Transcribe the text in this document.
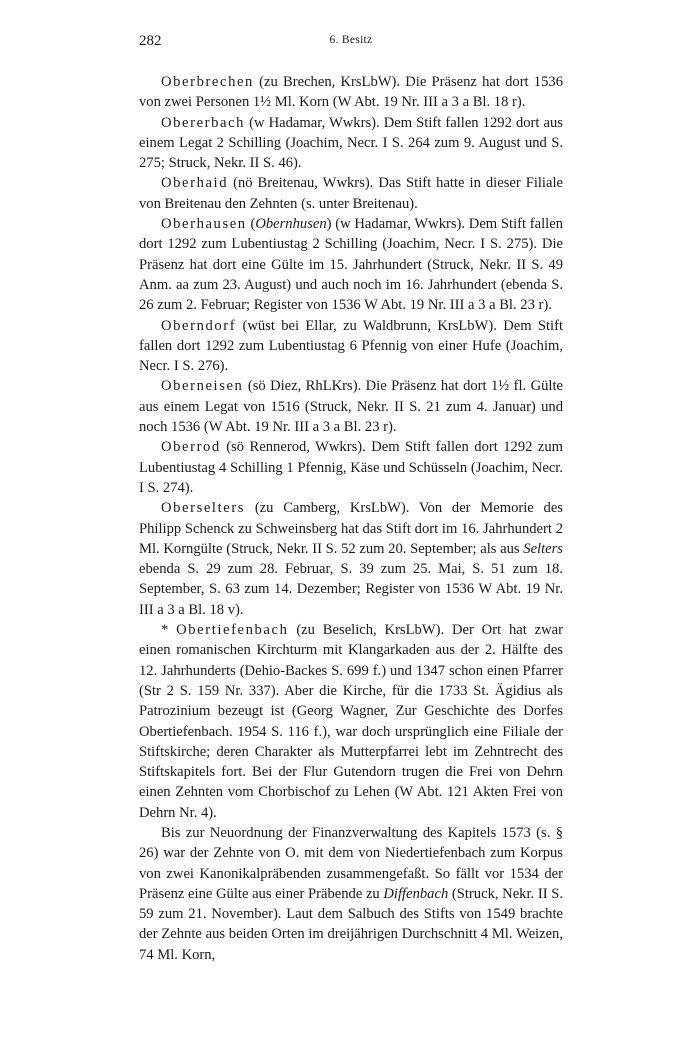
282	6. Besitz

Oberbrechen (zu Brechen, KrsLbW). Die Präsenz hat dort 1536 von zwei Personen 1½ Ml. Korn (W Abt. 19 Nr. III a 3 a Bl. 18 r).

Obererbach (w Hadamar, Wwkrs). Dem Stift fallen 1292 dort aus einem Legat 2 Schilling (Joachim, Necr. I S. 264 zum 9. August und S. 275; Struck, Nekr. II S. 46).

Oberhaid (nö Breitenau, Wwkrs). Das Stift hatte in dieser Filiale von Breitenau den Zehnten (s. unter Breitenau).

Oberhausen (Obernhusen) (w Hadamar, Wwkrs). Dem Stift fallen dort 1292 zum Lubentiustag 2 Schilling (Joachim, Necr. I S. 275). Die Präsenz hat dort eine Gülte im 15. Jahrhundert (Struck, Nekr. II S. 49 Anm. aa zum 23. August) und auch noch im 16. Jahrhundert (ebenda S. 26 zum 2. Februar; Register von 1536 W Abt. 19 Nr. III a 3 a Bl. 23 r).

Oberndorf (wüst bei Ellar, zu Waldbrunn, KrsLbW). Dem Stift fallen dort 1292 zum Lubentiustag 6 Pfennig von einer Hufe (Joachim, Necr. I S. 276).

Oberneisen (sö Diez, RhLKrs). Die Präsenz hat dort 1½ fl. Gülte aus einem Legat von 1516 (Struck, Nekr. II S. 21 zum 4. Januar) und noch 1536 (W Abt. 19 Nr. III a 3 a Bl. 23 r).

Oberrod (sö Rennerod, Wwkrs). Dem Stift fallen dort 1292 zum Lubentiustag 4 Schilling 1 Pfennig, Käse und Schüsseln (Joachim, Necr. I S. 274).

Oberselters (zu Camberg, KrsLbW). Von der Memorie des Philipp Schenck zu Schweinsberg hat das Stift dort im 16. Jahrhundert 2 Ml. Korngülte (Struck, Nekr. II S. 52 zum 20. September; als aus Selters ebenda S. 29 zum 28. Februar, S. 39 zum 25. Mai, S. 51 zum 18. September, S. 63 zum 14. Dezember; Register von 1536 W Abt. 19 Nr. III a 3 a Bl. 18 v).

* Obertiefenbach (zu Beselich, KrsLbW). Der Ort hat zwar einen romanischen Kirchturm mit Klangarkaden aus der 2. Hälfte des 12. Jahrhunderts (Dehio-Backes S. 699 f.) und 1347 schon einen Pfarrer (Str 2 S. 159 Nr. 337). Aber die Kirche, für die 1733 St. Ägidius als Patrozinium bezeugt ist (Georg Wagner, Zur Geschichte des Dorfes Obertiefenbach. 1954 S. 116 f.), war doch ursprünglich eine Filiale der Stiftskirche; deren Charakter als Mutterpfarrei lebt im Zehntrecht des Stiftskapitels fort. Bei der Flur Gutendorn trugen die Frei von Dehrn einen Zehnten vom Chorbischof zu Lehen (W Abt. 121 Akten Frei von Dehrn Nr. 4).

Bis zur Neuordnung der Finanzverwaltung des Kapitels 1573 (s. § 26) war der Zehnte von O. mit dem von Niedertiefenbach zum Korpus von zwei Kanonikalpräbenden zusammengefaßt. So fällt vor 1534 der Präsenz eine Gülte aus einer Präbende zu Diffenbach (Struck, Nekr. II S. 59 zum 21. November). Laut dem Salbuch des Stifts von 1549 brachte der Zehnte aus beiden Orten im dreijährigen Durchschnitt 4 Ml. Weizen, 74 Ml. Korn,
